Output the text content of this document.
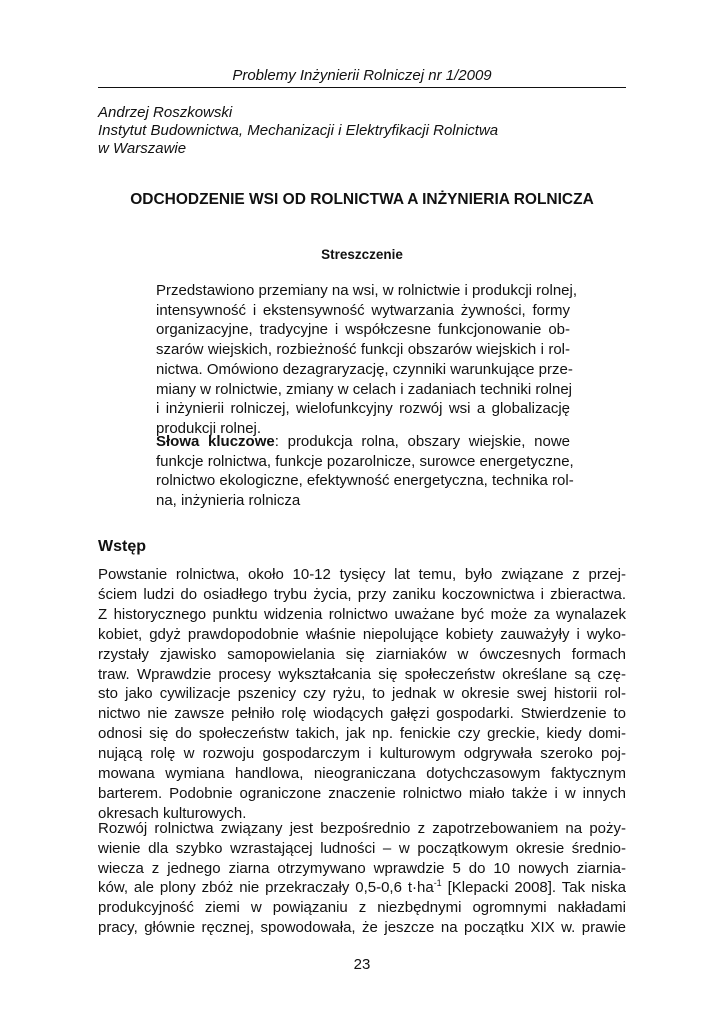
Problemy Inżynierii Rolniczej nr 1/2009
Andrzej Roszkowski
Instytut Budownictwa, Mechanizacji i Elektryfikacji Rolnictwa
w Warszawie
ODCHODZENIE WSI OD ROLNICTWA A INŻYNIERIA ROLNICZA
Streszczenie
Przedstawiono przemiany na wsi, w rolnictwie i produkcji rolnej,
intensywność i ekstensywność wytwarzania żywności, formy
organizacyjne, tradycyjne i współczesne funkcjonowanie ob-
szarów wiejskich, rozbieżność funkcji obszarów wiejskich i rol-
nictwa. Omówiono dezagraryzację, czynniki warunkujące prze-
miany w rolnictwie, zmiany w celach i zadaniach techniki rolnej
i inżynierii rolniczej, wielofunkcyjny rozwój wsi a globalizację
produkcji rolnej.
Słowa kluczowe: produkcja rolna, obszary wiejskie, nowe
funkcje rolnictwa, funkcje pozarolnicze, surowce energetyczne,
rolnictwo ekologiczne, efektywność energetyczna, technika rol-
na, inżynieria rolnicza
Wstęp
Powstanie rolnictwa, około 10-12 tysięcy lat temu, było związane z przej-
ściem ludzi do osiadłego trybu życia, przy zaniku koczownictwa i zbieractwa.
Z historycznego punktu widzenia rolnictwo uważane być może za wynalazek
kobiet, gdyż prawdopodobnie właśnie niepolujące kobiety zauważyły i wyko-
rzystały zjawisko samopowielania się ziarniaków w ówczesnych formach
traw. Wprawdzie procesy wykształcania się społeczeństw określane są czę-
sto jako cywilizacje pszenicy czy ryżu, to jednak w okresie swej historii rol-
nictwo nie zawsze pełniło rolę wiodących gałęzi gospodarki. Stwierdzenie to
odnosi się do społeczeństw takich, jak np. fenickie czy greckie, kiedy domi-
nującą rolę w rozwoju gospodarczym i kulturowym odgrywała szeroko poj-
mowana wymiana handlowa, nieograniczana dotychczasowym faktycznym
barterem. Podobnie ograniczone znaczenie rolnictwo miało także i w innych
okresach kulturowych.
Rozwój rolnictwa związany jest bezpośrednio z zapotrzebowaniem na poży-
wienie dla szybko wzrastającej ludności – w początkowym okresie średnio-
wiecza z jednego ziarna otrzymywano wprawdzie 5 do 10 nowych ziarnia-
ków, ale plony zbóż nie przekraczały 0,5-0,6 $t\cdot ha^{-1}$ [Klepacki 2008]. Tak niska
produkcyjność ziemi w powiązaniu z niezbędnymi ogromnymi nakładami
pracy, głównie ręcznej, spowodowała, że jeszcze na początku XIX w. prawie
23
